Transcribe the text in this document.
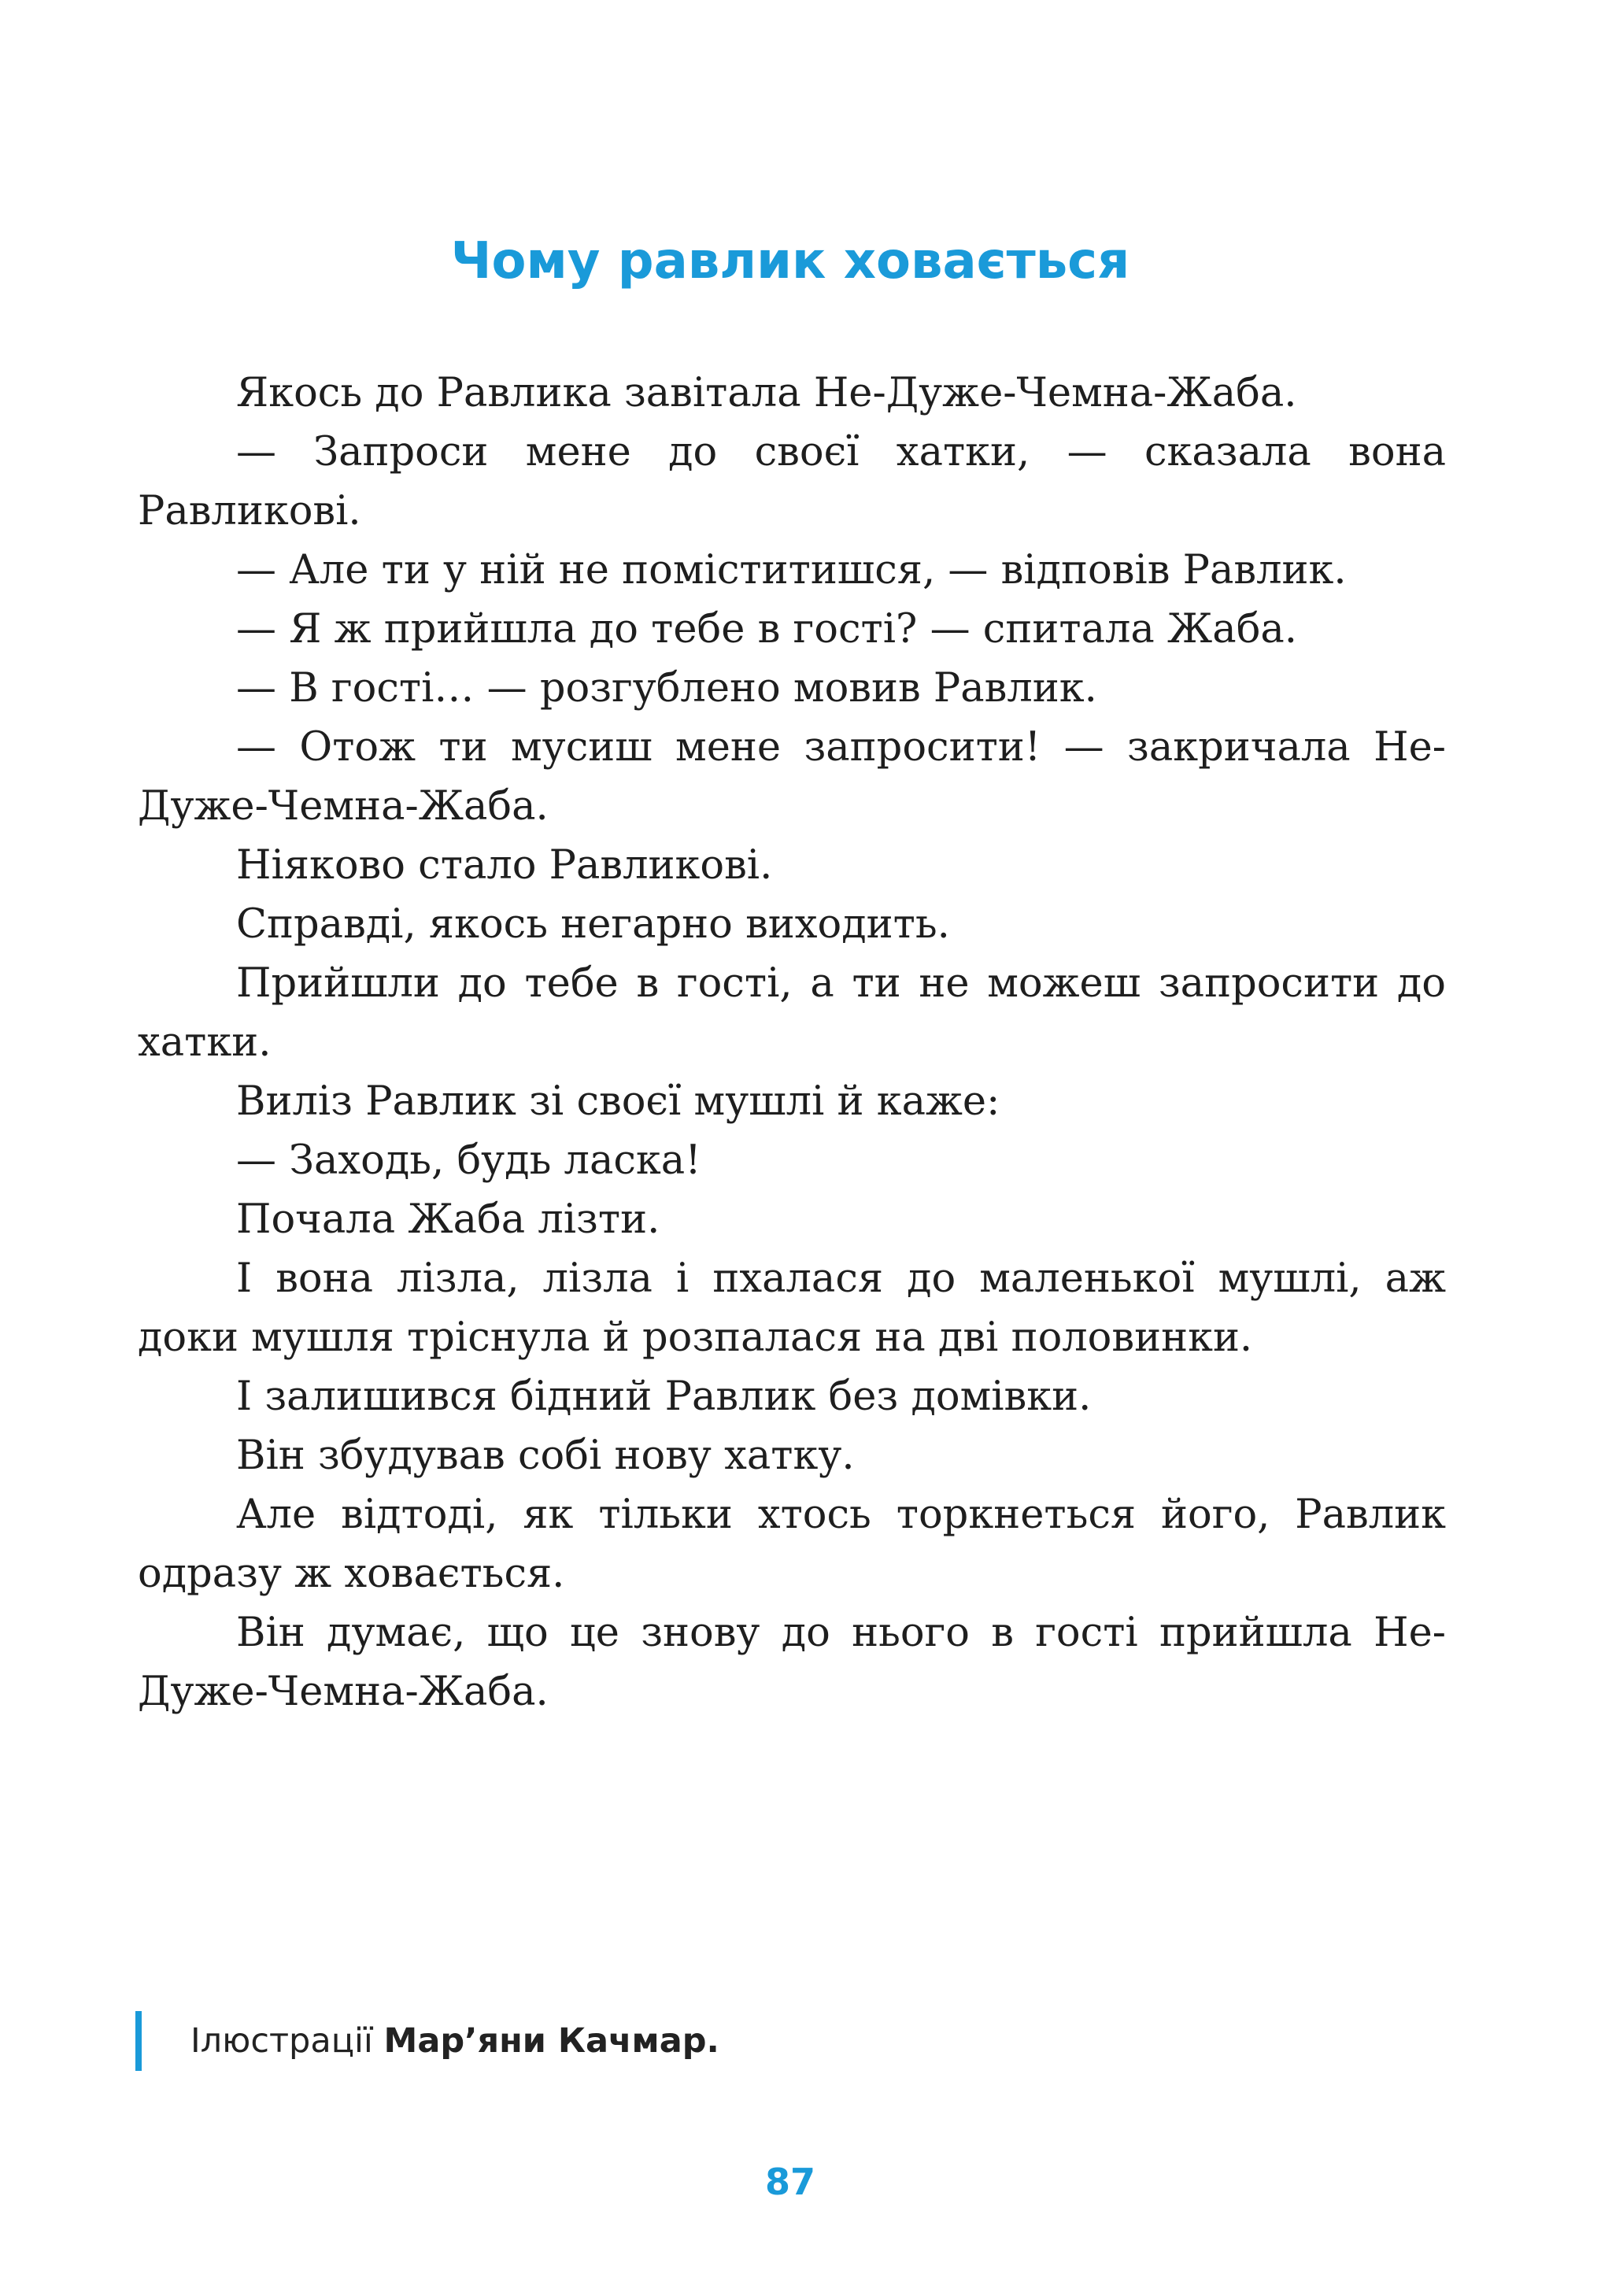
Чому равлик ховається

Якось до Равлика завітала Не-Дуже-Чемна-Жаба.

— Запроси мене до своєї хатки, — сказала вона Равликові.

— Але ти у ній не поміститишся, — відповів Равлик.

— Я ж прийшла до тебе в гості? — спитала Жаба.

— В гості… — розгублено мовив Равлик.

— Отож ти мусиш мене запросити! — закричала Не-Дуже-Чемна-Жаба.

Ніяково стало Равликові.

Справді, якось негарно виходить.

Прийшли до тебе в гості, а ти не можеш запросити до хатки.

Виліз Равлик зі своєї мушлі й каже:

— Заходь, будь ласка!

Почала Жаба лізти.

І вона лізла, лізла і пхалася до маленької мушлі, аж доки мушля тріснула й розпалася на дві половинки.

І залишився бідний Равлик без домівки.

Він збудував собі нову хатку.

Але відтоді, як тільки хтось торкнеться його, Равлик одразу ж ховається.

Він думає, що це знову до нього в гості прийшла Не-Дуже-Чемна-Жаба.

Ілюстрації Мар’яни Качмар.
87
